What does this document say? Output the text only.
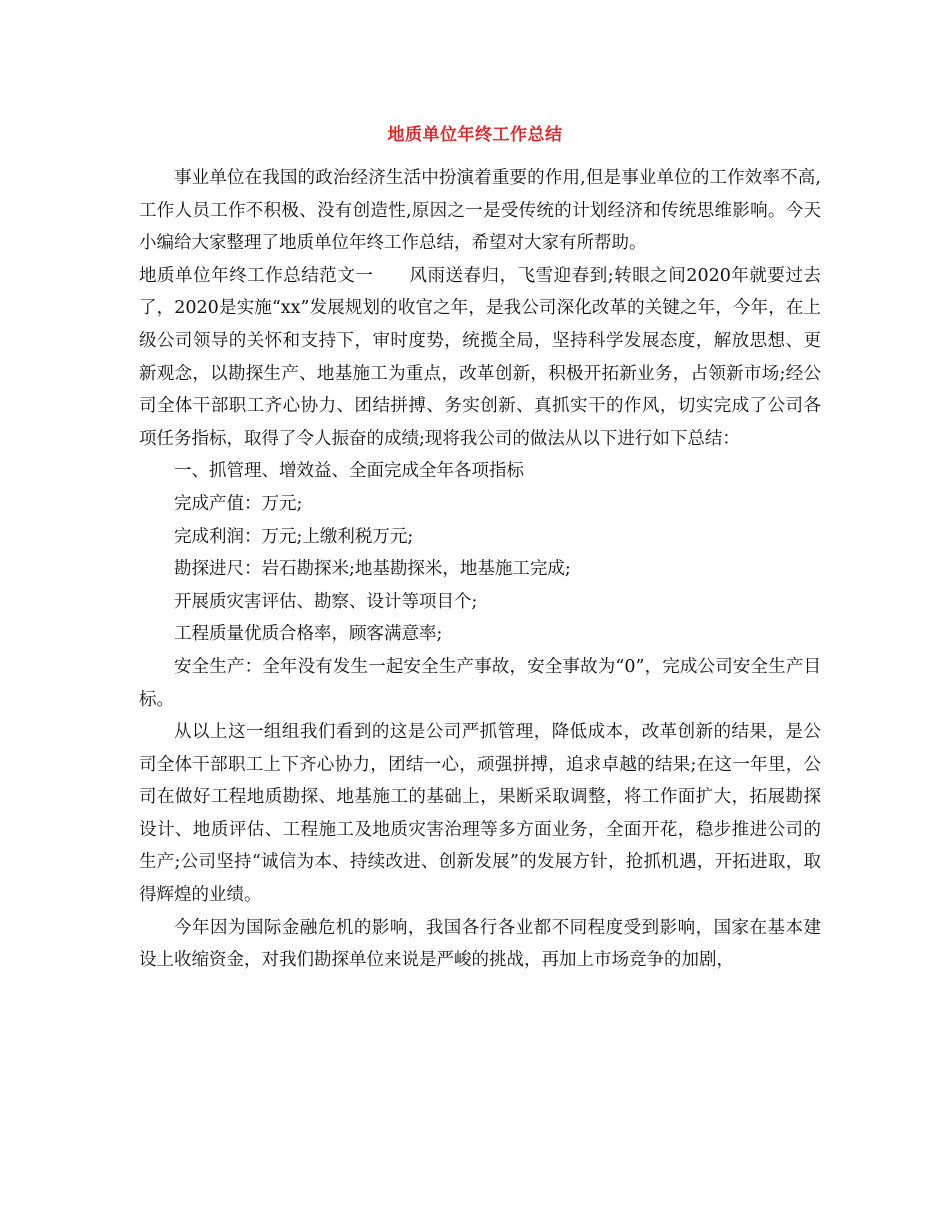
地质单位年终工作总结

事业单位在我国的政治经济生活中扮演着重要的作用,但是事业单位的工作效率不高,工作人员工作不积极、没有创造性,原因之一是受传统的计划经济和传统思维影响。今天小编给大家整理了地质单位年终工作总结，希望对大家有所帮助。

地质单位年终工作总结范文一　　风雨送春归，飞雪迎春到;转眼之间2020年就要过去了，2020是实施“xx”发展规划的收官之年，是我公司深化改革的关键之年，今年，在上级公司领导的关怀和支持下，审时度势，统揽全局，坚持科学发展态度，解放思想、更新观念，以勘探生产、地基施工为重点，改革创新，积极开拓新业务，占领新市场;经公司全体干部职工齐心协力、团结拼搏、务实创新、真抓实干的作风，切实完成了公司各项任务指标，取得了令人振奋的成绩;现将我公司的做法从以下进行如下总结：

一、抓管理、增效益、全面完成全年各项指标

完成产值：万元;

完成利润：万元;上缴利税万元;

勘探进尺：岩石勘探米;地基勘探米，地基施工完成;

开展质灾害评估、勘察、设计等项目个;

工程质量优质合格率，顾客满意率;

安全生产：全年没有发生一起安全生产事故，安全事故为“0”，完成公司安全生产目标。

从以上这一组组我们看到的这是公司严抓管理，降低成本，改革创新的结果，是公司全体干部职工上下齐心协力，团结一心，顽强拼搏，追求卓越的结果;在这一年里，公司在做好工程地质勘探、地基施工的基础上，果断采取调整，将工作面扩大，拓展勘探设计、地质评估、工程施工及地质灾害治理等多方面业务，全面开花，稳步推进公司的生产;公司坚持“诚信为本、持续改进、创新发展”的发展方针，抢抓机遇，开拓进取，取得辉煌的业绩。

今年因为国际金融危机的影响，我国各行各业都不同程度受到影响，国家在基本建设上收缩资金，对我们勘探单位来说是严峻的挑战，再加上市场竞争的加剧，
